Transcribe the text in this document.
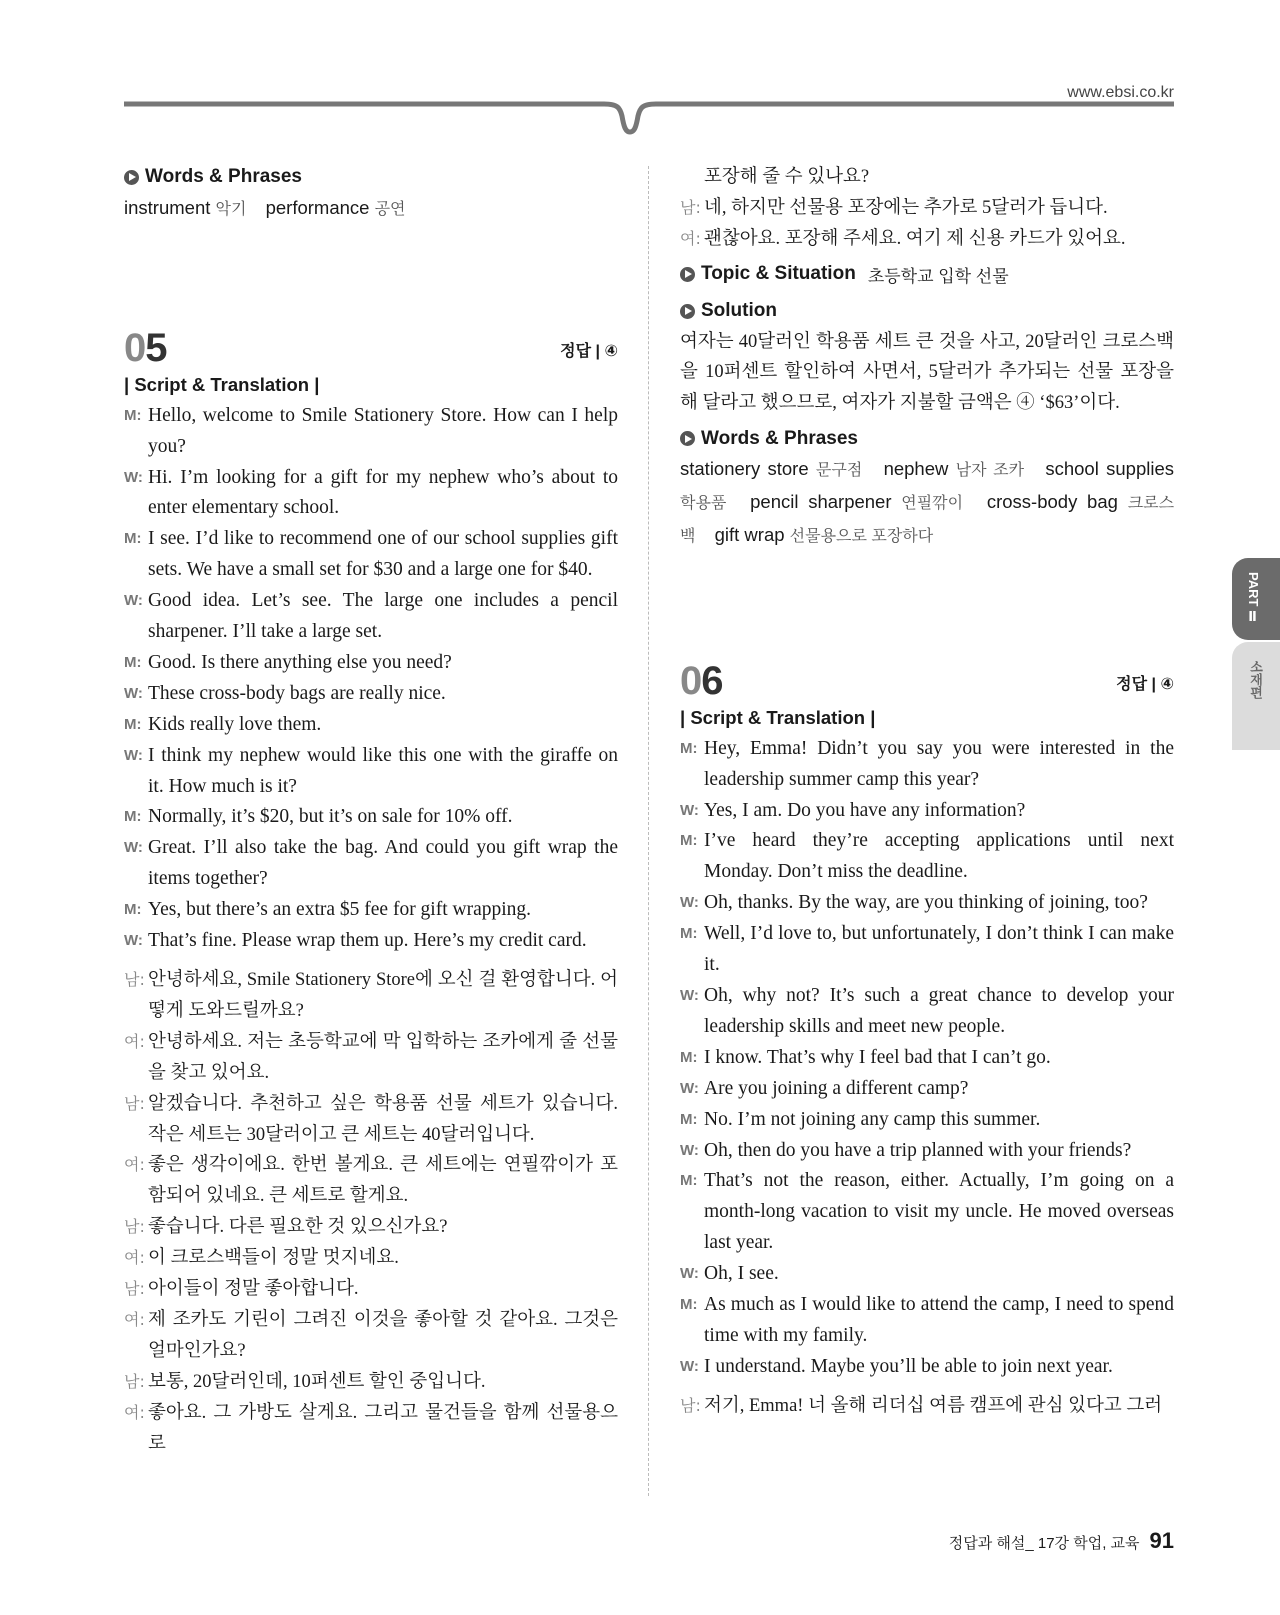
www.ebsi.co.kr
Words & Phrases
instrument 악기 performance 공연
05	정답 | ④
| Script & Translation |
M: Hello, welcome to Smile Stationery Store. How can I help you?
W: Hi. I’m looking for a gift for my nephew who’s about to enter elementary school.
M: I see. I’d like to recommend one of our school supplies gift sets. We have a small set for $30 and a large one for $40.
W: Good idea. Let’s see. The large one includes a pencil sharpener. I’ll take a large set.
M: Good. Is there anything else you need?
W: These cross-body bags are really nice.
M: Kids really love them.
W: I think my nephew would like this one with the giraffe on it. How much is it?
M: Normally, it’s $20, but it’s on sale for 10% off.
W: Great. I’ll also take the bag. And could you gift wrap the items together?
M: Yes, but there’s an extra $5 fee for gift wrapping.
W: That’s fine. Please wrap them up. Here’s my credit card.
남: 안녕하세요, Smile Stationery Store에 오신 걸 환영합니다. 어떻게 도와드릴까요?
여: 안녕하세요. 저는 초등학교에 막 입학하는 조카에게 줄 선물을 찾고 있어요.
남: 알겠습니다. 추천하고 싶은 학용품 선물 세트가 있습니다. 작은 세트는 30달러이고 큰 세트는 40달러입니다.
여: 좋은 생각이에요. 한번 볼게요. 큰 세트에는 연필깎이가 포함되어 있네요. 큰 세트로 할게요.
남: 좋습니다. 다른 필요한 것 있으신가요?
여: 이 크로스백들이 정말 멋지네요.
남: 아이들이 정말 좋아합니다.
여: 제 조카도 기린이 그려진 이것을 좋아할 것 같아요. 그것은 얼마인가요?
남: 보통, 20달러인데, 10퍼센트 할인 중입니다.
여: 좋아요. 그 가방도 살게요. 그리고 물건들을 함께 선물용으로
포장해 줄 수 있나요?
남: 네, 하지만 선물용 포장에는 추가로 5달러가 듭니다.
여: 괜찮아요. 포장해 주세요. 여기 제 신용 카드가 있어요.
Topic & Situation 초등학교 입학 선물
Solution
여자는 40달러인 학용품 세트 큰 것을 사고, 20달러인 크로스백을 10퍼센트 할인하여 사면서, 5달러가 추가되는 선물 포장을 해 달라고 했으므로, 여자가 지불할 금액은 ④ ‘$63’이다.
Words & Phrases
stationery store 문구점 nephew 남자 조카 school supplies 학용품 pencil sharpener 연필깎이 cross-body bag 크로스백 gift wrap 선물용으로 포장하다
06	정답 | ④
| Script & Translation |
M: Hey, Emma! Didn’t you say you were interested in the leadership summer camp this year?
W: Yes, I am. Do you have any information?
M: I’ve heard they’re accepting applications until next Monday. Don’t miss the deadline.
W: Oh, thanks. By the way, are you thinking of joining, too?
M: Well, I’d love to, but unfortunately, I don’t think I can make it.
W: Oh, why not? It’s such a great chance to develop your leadership skills and meet new people.
M: I know. That’s why I feel bad that I can’t go.
W: Are you joining a different camp?
M: No. I’m not joining any camp this summer.
W: Oh, then do you have a trip planned with your friends?
M: That’s not the reason, either. Actually, I’m going on a month-long vacation to visit my uncle. He moved overseas last year.
W: Oh, I see.
M: As much as I would like to attend the camp, I need to spend time with my family.
W: I understand. Maybe you’ll be able to join next year.
남: 저기, Emma! 너 올해 리더십 여름 캠프에 관심 있다고 그러
PART Ⅱ
소재편
정답과 해설_ 17강 학업, 교육 91
